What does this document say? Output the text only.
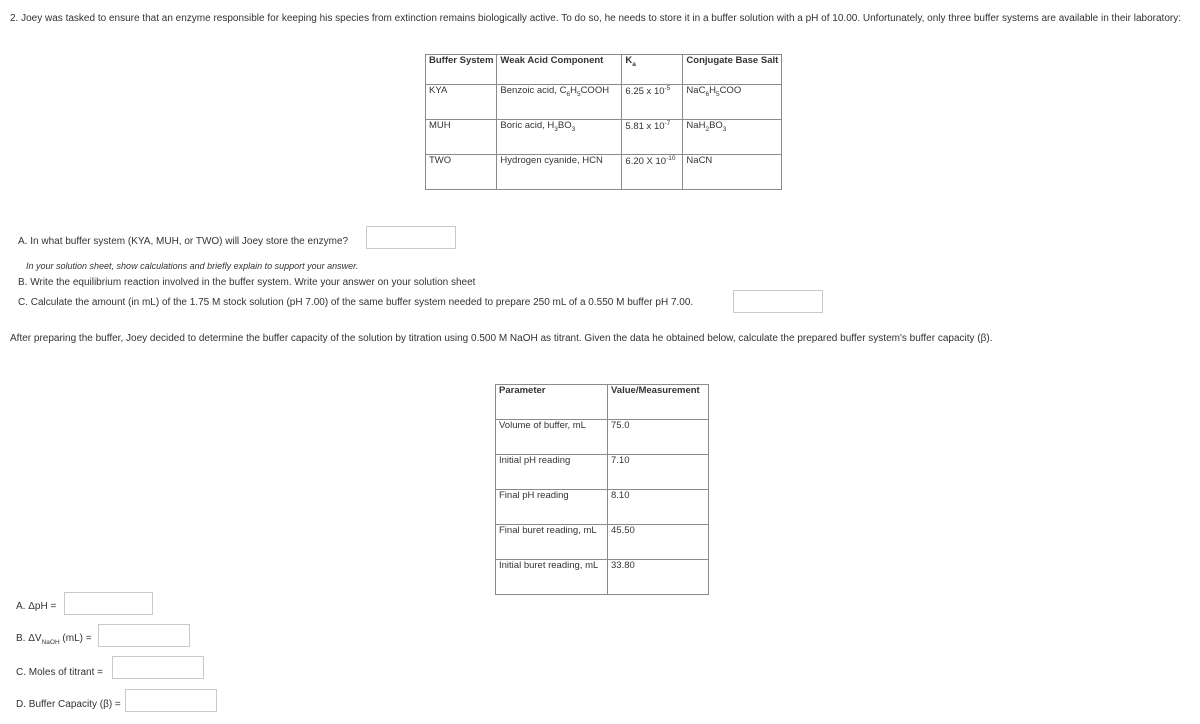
2. Joey was tasked to ensure that an enzyme responsible for keeping his species from extinction remains biologically active. To do so, he needs to store it in a buffer solution with a pH of 10.00. Unfortunately, only three buffer systems are available in their laboratory:
Buffer System	Weak Acid Component	$K_a$	Conjugate Base Salt
KYA	Benzoic acid, $C_6H_5COOH$	6.25 x $10^{-5}$	$NaC_6H_5COO$
MUH	Boric acid, $H_3BO_3$	5.81 x $10^{-7}$	$NaH_2BO_3$
TWO	Hydrogen cyanide, HCN	6.20 X $10^{-10}$	NaCN
A. In what buffer system (KYA, MUH, or TWO) will Joey store the enzyme?
In your solution sheet, show calculations and briefly explain to support your answer.
B. Write the equilibrium reaction involved in the buffer system. Write your answer on your solution sheet
C. Calculate the amount (in mL) of the 1.75 M stock solution (pH 7.00) of the same buffer system needed to prepare 250 mL of a 0.550 M buffer pH 7.00.
After preparing the buffer, Joey decided to determine the buffer capacity of the solution by titration using 0.500 M NaOH as titrant. Given the data he obtained below, calculate the prepared buffer system's buffer capacity (β).
Parameter	Value/Measurement
Volume of buffer, mL	75.0
Initial pH reading	7.10
Final pH reading	8.10
Final buret reading, mL	45.50
Initial buret reading, mL	33.80
A. ΔpH =
B. $\Delta V_{NaOH}$ (mL) =
C. Moles of titrant =
D. Buffer Capacity (β) =
